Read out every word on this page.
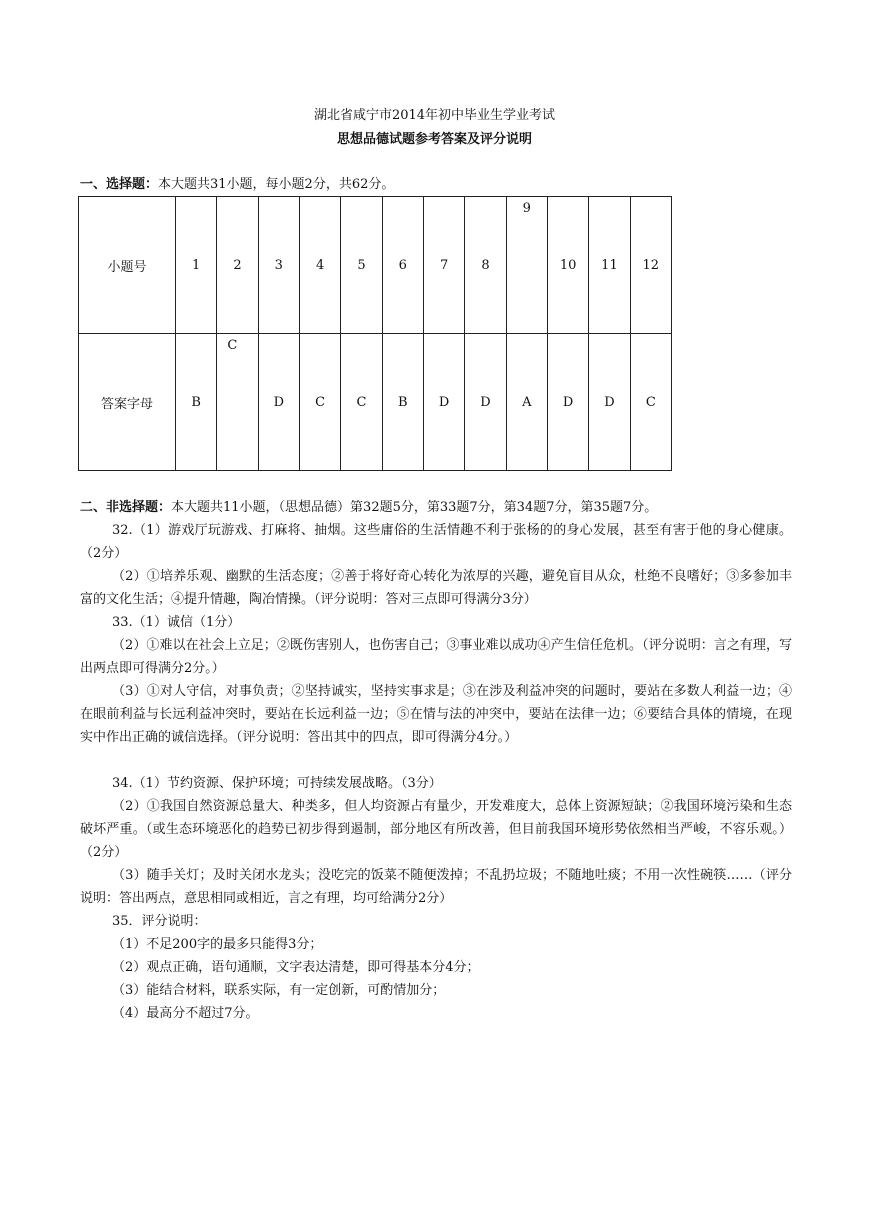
湖北省咸宁市2014年初中毕业生学业考试
思想品德试题参考答案及评分说明
一、选择题：本大题共31小题，每小题2分，共62分。
小题号	1	2	3	4	5	6	7	8	9	10	11	12
答案字母	B	C	D	C	C	B	D	D	A	D	D	C
二、非选择题：本大题共11小题，（思想品德）第32题5分，第33题7分，第34题7分，第35题7分。
32.（1）游戏厅玩游戏、打麻将、抽烟。这些庸俗的生活情趣不利于张杨的的身心发展，甚至有害于他的身心健康。（2分）
（2）①培养乐观、幽默的生活态度；②善于将好奇心转化为浓厚的兴趣，避免盲目从众，杜绝不良嗜好；③多参加丰富的文化生活；④提升情趣，陶冶情操。（评分说明：答对三点即可得满分3分）
33.（1）诚信（1分）
（2）①难以在社会上立足；②既伤害别人，也伤害自己；③事业难以成功④产生信任危机。（评分说明：言之有理，写出两点即可得满分2分。）
（3）①对人守信，对事负责；②坚持诚实，坚持实事求是；③在涉及利益冲突的问题时，要站在多数人利益一边；④在眼前利益与长远利益冲突时，要站在长远利益一边；⑤在情与法的冲突中，要站在法律一边；⑥要结合具体的情境，在现实中作出正确的诚信选择。（评分说明：答出其中的四点，即可得满分4分。）
34.（1）节约资源、保护环境；可持续发展战略。（3分）
（2）①我国自然资源总量大、种类多，但人均资源占有量少，开发难度大，总体上资源短缺；②我国环境污染和生态破坏严重。（或生态环境恶化的趋势已初步得到遏制，部分地区有所改善，但目前我国环境形势依然相当严峻，不容乐观。）（2分）
（3）随手关灯；及时关闭水龙头；没吃完的饭菜不随便泼掉；不乱扔垃圾；不随地吐痰；不用一次性碗筷……（评分说明：答出两点，意思相同或相近，言之有理，均可给满分2分）
35．评分说明：
（1）不足200字的最多只能得3分；
（2）观点正确，语句通顺，文字表达清楚，即可得基本分4分；
（3）能结合材料，联系实际，有一定创新，可酌情加分；
（4）最高分不超过7分。
